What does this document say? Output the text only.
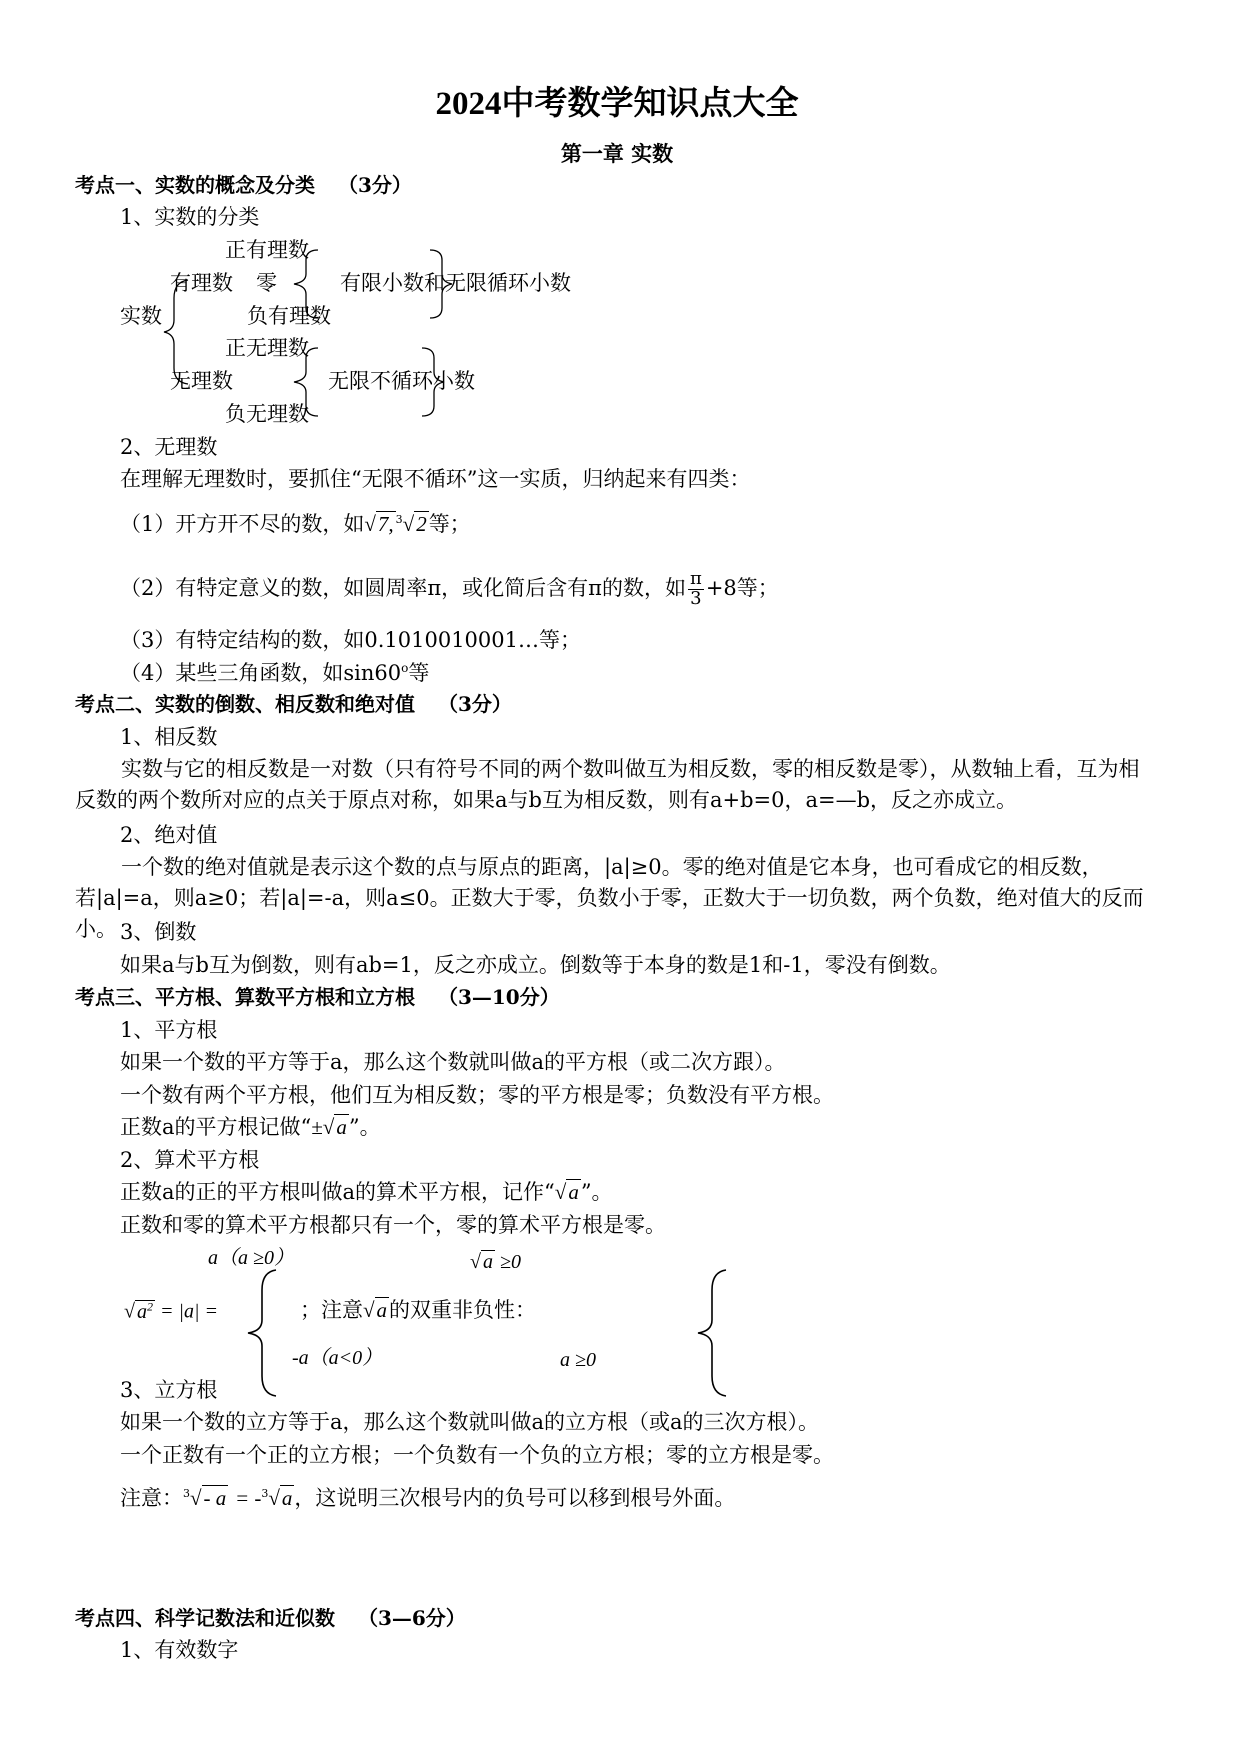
2024中考数学知识点大全
第一章 实数
考点一、实数的概念及分类 （3分）
1、实数的分类
正有理数
有理数 零	有限小数和无限循环小数
实数	负有理数
正无理数
无理数	无限不循环小数
负无理数
2、无理数
在理解无理数时，要抓住“无限不循环”这一实质，归纳起来有四类：
（1）开方开不尽的数，如√7, $^3$√2等；
（2）有特定意义的数，如圆周率π，或化简后含有π的数，如 $\frac{\pi}{3} +8$等；
（3）有特定结构的数，如0.1010010001…等；
（4）某些三角函数，如sin60$^o$等
考点二、实数的倒数、相反数和绝对值 （3分）
1、相反数
实数与它的相反数是一对数（只有符号不同的两个数叫做互为相反数，零的相反数是零），从数轴上看，互为相反数的两个数所对应的点关于原点对称，如果a与b互为相反数，则有a+b=0，a=—b，反之亦成立。
2、绝对值
一个数的绝对值就是表示这个数的点与原点的距离，|a|≥0。零的绝对值是它本身，也可看成它的相反数，若|a|=a，则a≥0；若|a|=-a，则a≤0。正数大于零，负数小于零，正数大于一切负数，两个负数，绝对值大的反而小。 3、倒数
如果a与b互为倒数，则有ab=1，反之亦成立。倒数等于本身的数是1和-1，零没有倒数。
考点三、平方根、算数平方根和立方根 （3—10分）
1、平方根
如果一个数的平方等于a，那么这个数就叫做a的平方根（或二次方跟）。
一个数有两个平方根，他们互为相反数；零的平方根是零；负数没有平方根。
正数a的平方根记做“±√a”。
2、算术平方根
正数a的正的平方根叫做a的算术平方根，记作“√a”。
正数和零的算术平方根都只有一个，零的算术平方根是零。
a（a ≥0）	√ a ≥0
√ $a^2 = |a|$ =	；注意√a的双重非负性：
-a（a<0）	a ≥0
3、立方根
如果一个数的立方等于a，那么这个数就叫做a的立方根（或a的三次方根）。
一个正数有一个正的立方根；一个负数有一个负的立方根；零的立方根是零。
注意：$^3$√- a = -$^3$√a，这说明三次根号内的负号可以移到根号外面。
考点四、科学记数法和近似数 （3—6分）
1、有效数字
